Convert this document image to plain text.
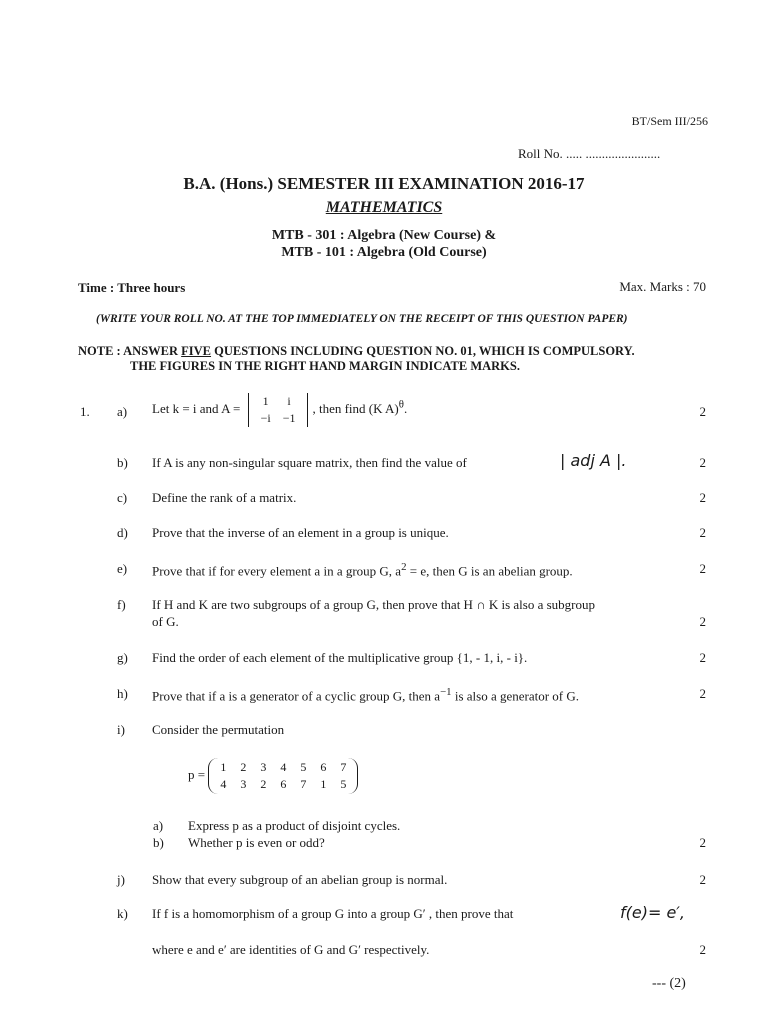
BT/Sem III/256
Roll No. ..... .......................
B.A. (Hons.) SEMESTER III EXAMINATION 2016-17
MATHEMATICS
MTB - 301 : Algebra (New Course) &
MTB - 101 : Algebra (Old Course)
Time : Three hours	Max. Marks : 70
(WRITE YOUR ROLL NO. AT THE TOP IMMEDIATELY ON THE RECEIPT OF THIS QUESTION PAPER)
NOTE : ANSWER FIVE QUESTIONS INCLUDING QUESTION NO. 01, WHICH IS COMPULSORY.
THE FIGURES IN THE RIGHT HAND MARGIN INDICATE MARKS.
1. a) Let k = i and A = 1	i
−i	−1
, then find (K A)$^\theta$.	2
b) If A is any non-singular square matrix, then find the value of	| adj A |.	2
c) Define the rank of a matrix.	2
d) Prove that the inverse of an element in a group is unique.	2
e) Prove that if for every element a in a group G, $a^2 = e$, then G is an abelian group.	2
f) If H and K are two subgroups of a group G, then prove that H ∩ K is also a subgroup
of G.	2
g) Find the order of each element of the multiplicative group {1, - 1, i, - i}.	2
h) Prove that if a is a generator of a cyclic group G, then $a^{-1}$ is also a generator of G.	2
i) Consider the permutation
p = 1	2	3	4	5	6	7
4	3	2	6	7	1	5
a) Express p as a product of disjoint cycles.
b) Whether p is even or odd?	2
j) Show that every subgroup of an abelian group is normal.	2
k) If f is a homomorphism of a group G into a group G′ , then prove that	f(e)= e′,
where e and e′ are identities of G and G′ respectively.	2
--- (2)
